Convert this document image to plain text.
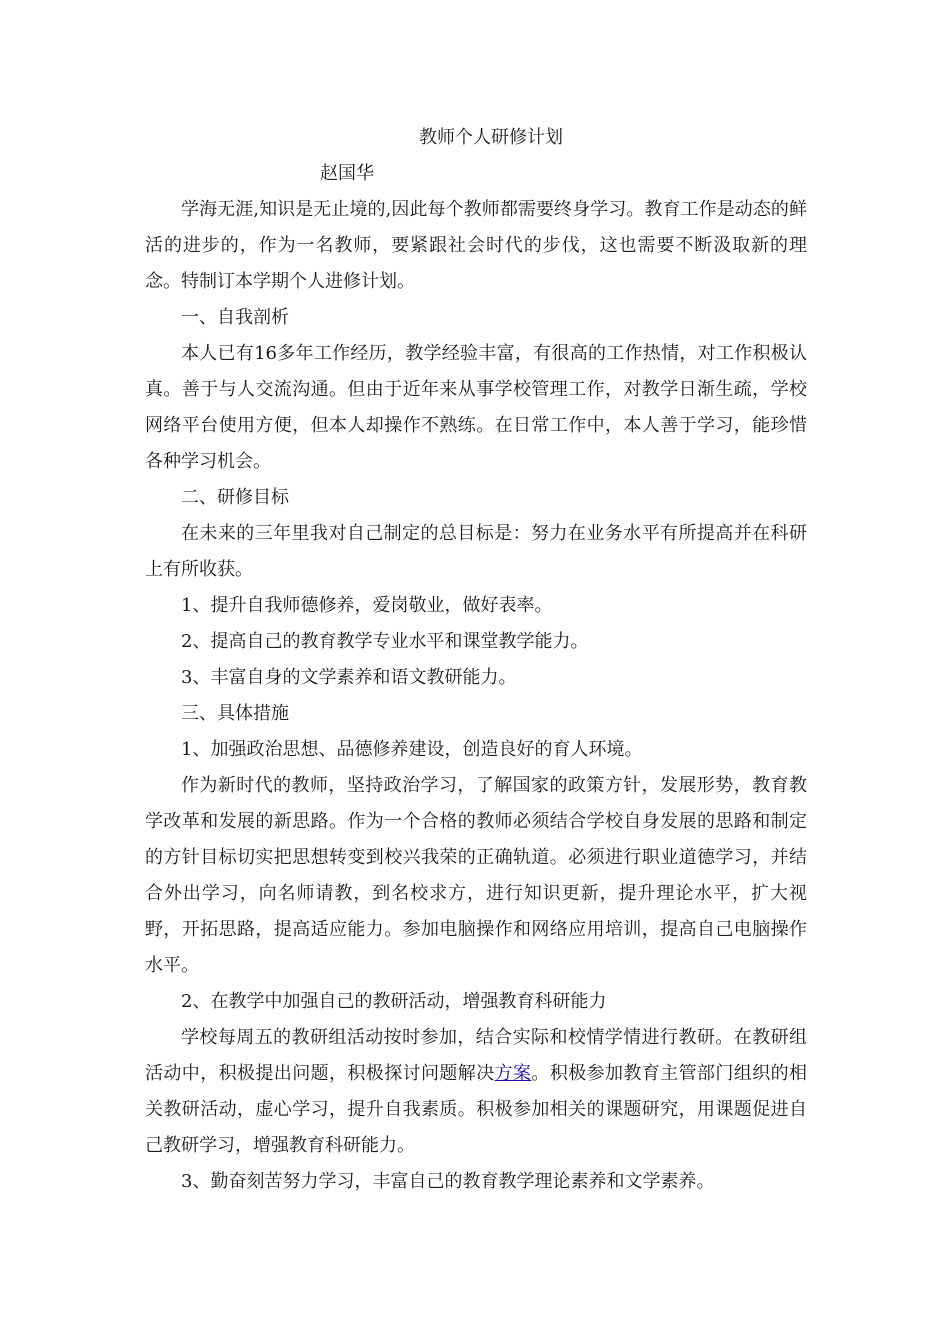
教师个人研修计划

赵国华

学海无涯,知识是无止境的,因此每个教师都需要终身学习。教育工作是动态的鲜活的进步的，作为一名教师，要紧跟社会时代的步伐，这也需要不断汲取新的理念。特制订本学期个人进修计划。

一、自我剖析

本人已有16多年工作经历，教学经验丰富，有很高的工作热情，对工作积极认真。善于与人交流沟通。但由于近年来从事学校管理工作，对教学日渐生疏，学校网络平台使用方便，但本人却操作不熟练。在日常工作中，本人善于学习，能珍惜各种学习机会。

二、研修目标

在未来的三年里我对自己制定的总目标是：努力在业务水平有所提高并在科研上有所收获。

1、提升自我师德修养，爱岗敬业，做好表率。

2、提高自己的教育教学专业水平和课堂教学能力。

3、丰富自身的文学素养和语文教研能力。

三、具体措施

1、加强政治思想、品德修养建设，创造良好的育人环境。

作为新时代的教师，坚持政治学习，了解国家的政策方针，发展形势，教育教学改革和发展的新思路。作为一个合格的教师必须结合学校自身发展的思路和制定的方针目标切实把思想转变到校兴我荣的正确轨道。必须进行职业道德学习，并结合外出学习，向名师请教，到名校求方，进行知识更新，提升理论水平，扩大视野，开拓思路，提高适应能力。参加电脑操作和网络应用培训，提高自己电脑操作水平。

2、在教学中加强自己的教研活动，增强教育科研能力

学校每周五的教研组活动按时参加，结合实际和校情学情进行教研。在教研组活动中，积极提出问题，积极探讨问题解决方案。积极参加教育主管部门组织的相关教研活动，虚心学习，提升自我素质。积极参加相关的课题研究，用课题促进自己教研学习，增强教育科研能力。

3、勤奋刻苦努力学习，丰富自己的教育教学理论素养和文学素养。
